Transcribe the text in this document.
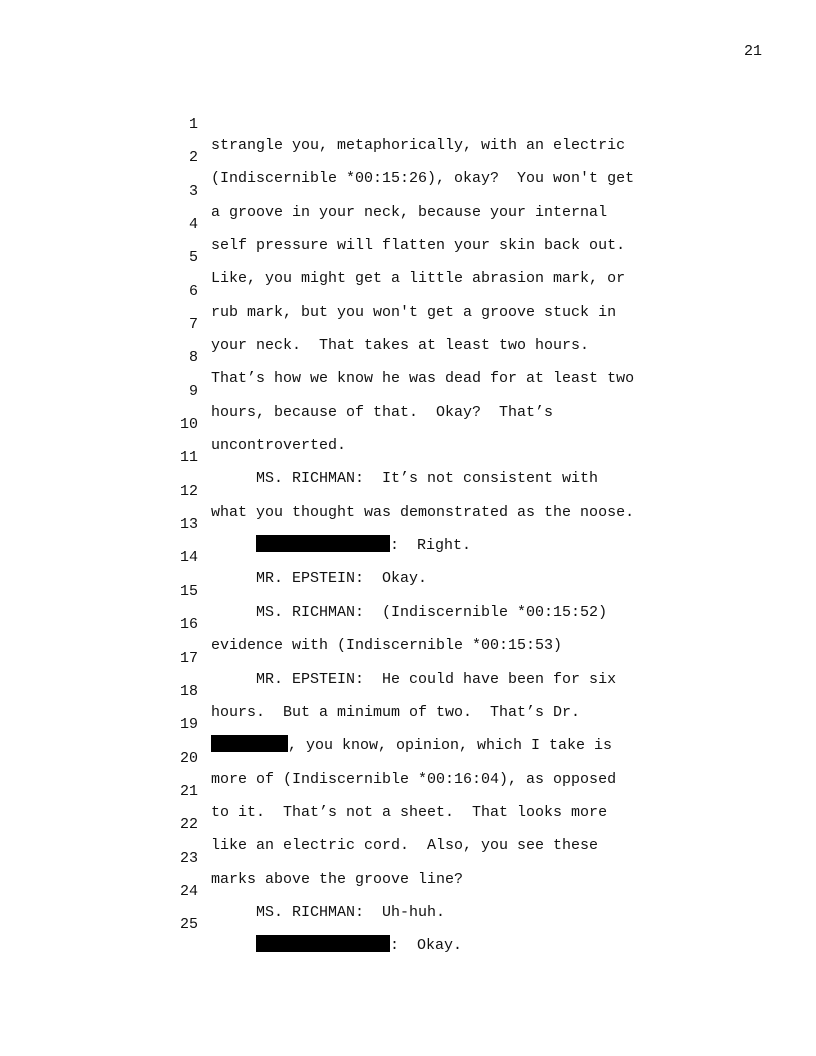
21

1

strangle you, metaphorically, with an electric

2

(Indiscernible *00:15:26), okay?  You won't get

3

a groove in your neck, because your internal

4

self pressure will flatten your skin back out.

5

Like, you might get a little abrasion mark, or

6

rub mark, but you won't get a groove stuck in

7

your neck.  That takes at least two hours.

8

That’s how we know he was dead for at least two

9

hours, because of that.  Okay?  That’s

10

uncontroverted.

11

MS. RICHMAN:  It’s not consistent with

12

what you thought was demonstrated as the noose.

13

:  Right.

14

MR. EPSTEIN:  Okay.

15

MS. RICHMAN:  (Indiscernible *00:15:52)

16

evidence with (Indiscernible *00:15:53)

17

MR. EPSTEIN:  He could have been for six

18

hours.  But a minimum of two.  That’s Dr.

19

, you know, opinion, which I take is

20

more of (Indiscernible *00:16:04), as opposed

21

to it.  That’s not a sheet.  That looks more

22

like an electric cord.  Also, you see these

23

marks above the groove line?

24

MS. RICHMAN:  Uh-huh.

25

:  Okay.
